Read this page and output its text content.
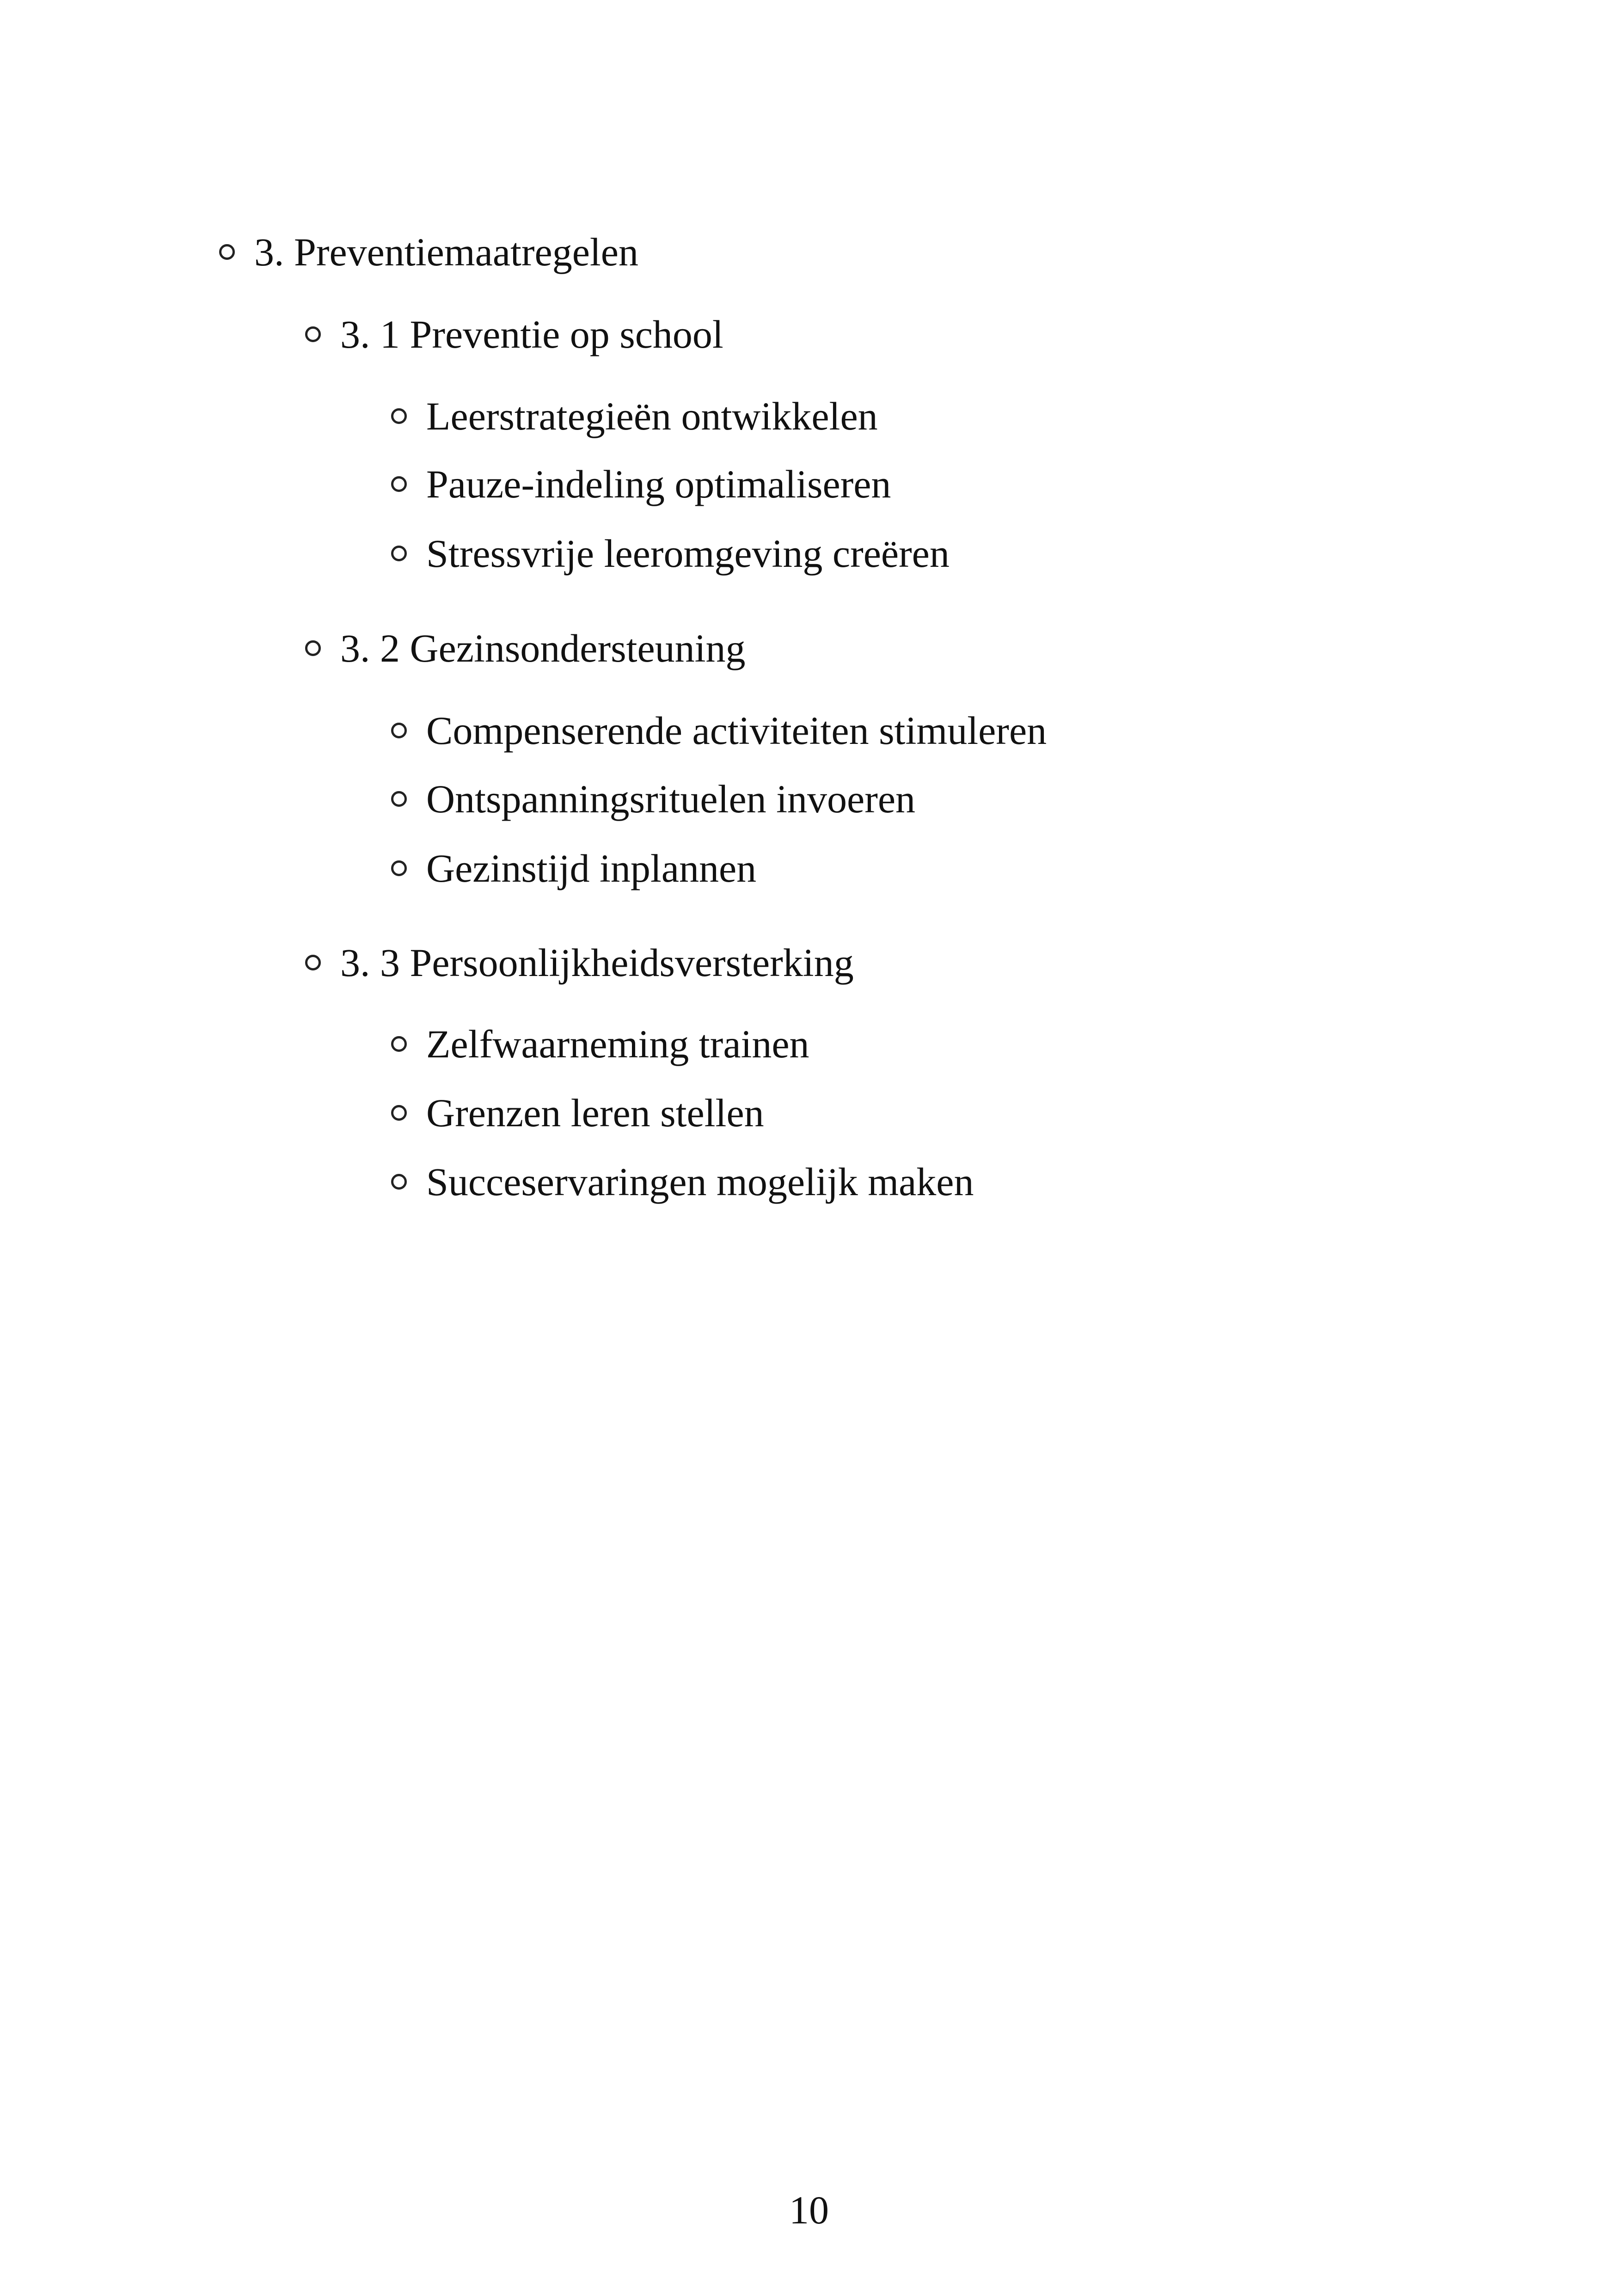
3. Preventiemaatregelen
3. 1 Preventie op school
Leerstrategieën ontwikkelen
Pauze-indeling optimaliseren
Stressvrije leeromgeving creëren
3. 2 Gezinsondersteuning
Compenserende activiteiten stimuleren
Ontspanningsrituelen invoeren
Gezinstijd inplannen
3. 3 Persoonlijkheidsversterking
Zelfwaarneming trainen
Grenzen leren stellen
Succeservaringen mogelijk maken
10
